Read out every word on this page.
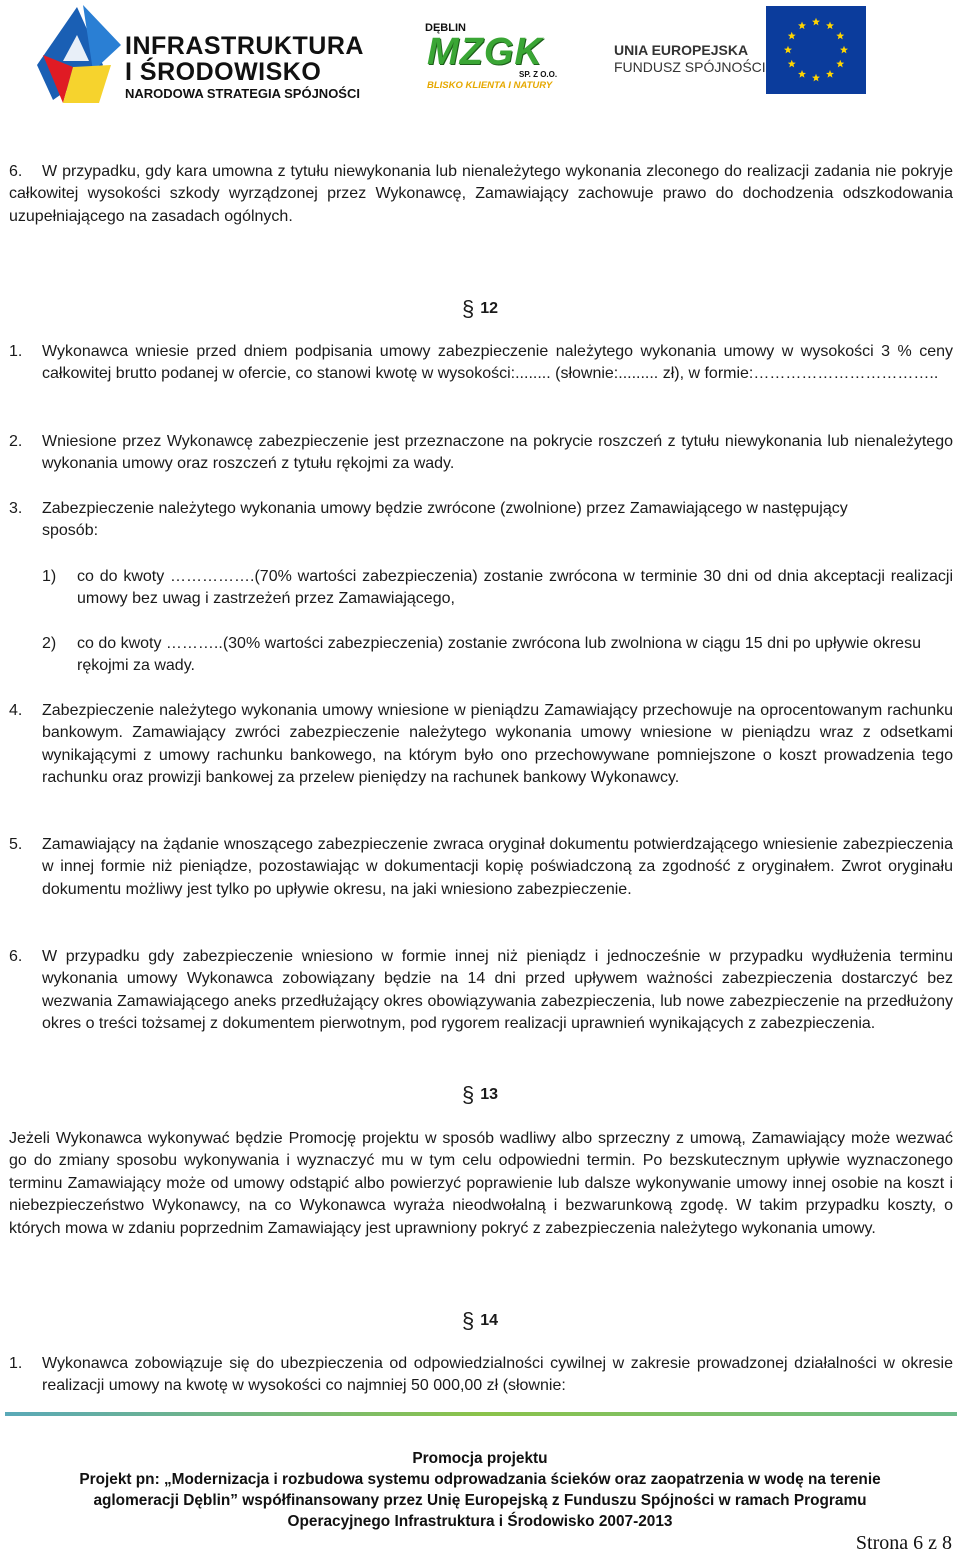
INFRASTRUKTURA
I ŚRODOWISKO
NARODOWA STRATEGIA SPÓJNOŚCI
DĘBLIN
MZGK
SP. Z O.O.
BLISKO KLIENTA I NATURY
UNIA EUROPEJSKA
FUNDUSZ SPÓJNOŚCI
6.	W przypadku, gdy kara umowna z tytułu niewykonania lub nienależytego wykonania zleconego do realizacji zadania nie pokryje całkowitej wysokości szkody wyrządzonej przez Wykonawcę, Zamawiający zachowuje prawo do dochodzenia odszkodowania uzupełniającego na zasadach ogólnych.
§ 12
1. Wykonawca wniesie przed dniem podpisania umowy zabezpieczenie należytego wykonania umowy w wysokości 3 % ceny całkowitej brutto podanej w ofercie, co stanowi kwotę w wysokości:........ (słownie:......... zł), w formie:……………………………..
2. Wniesione przez Wykonawcę zabezpieczenie jest przeznaczone na pokrycie roszczeń z tytułu niewykonania lub nienależytego wykonania umowy oraz roszczeń z tytułu rękojmi za wady.
3. Zabezpieczenie należytego wykonania umowy będzie zwrócone (zwolnione) przez Zamawiającego w następujący sposób:
1) co do kwoty …………….(70% wartości zabezpieczenia) zostanie zwrócona w terminie 30 dni od dnia akceptacji realizacji umowy bez uwag i zastrzeżeń przez Zamawiającego,
2) co do kwoty ………..(30% wartości zabezpieczenia) zostanie zwrócona lub zwolniona w ciągu 15 dni po upływie okresu rękojmi za wady.
4. Zabezpieczenie należytego wykonania umowy wniesione w pieniądzu Zamawiający przechowuje na oprocentowanym rachunku bankowym. Zamawiający zwróci zabezpieczenie należytego wykonania umowy wniesione w pieniądzu wraz z odsetkami wynikającymi z umowy rachunku bankowego, na którym było ono przechowywane pomniejszone o koszt prowadzenia tego rachunku oraz prowizji bankowej za przelew pieniędzy na rachunek bankowy Wykonawcy.
5. Zamawiający na żądanie wnoszącego zabezpieczenie zwraca oryginał dokumentu potwierdzającego wniesienie zabezpieczenia w innej formie niż pieniądze, pozostawiając w dokumentacji kopię poświadczoną za zgodność z oryginałem. Zwrot oryginału dokumentu możliwy jest tylko po upływie okresu, na jaki wniesiono zabezpieczenie.
6. W przypadku gdy zabezpieczenie wniesiono w formie innej niż pieniądz i jednocześnie w przypadku wydłużenia terminu wykonania umowy Wykonawca zobowiązany będzie na 14 dni przed upływem ważności zabezpieczenia dostarczyć bez wezwania Zamawiającego aneks przedłużający okres obowiązywania zabezpieczenia, lub nowe zabezpieczenie na przedłużony okres o treści tożsamej z dokumentem pierwotnym, pod rygorem realizacji uprawnień wynikających z zabezpieczenia.
§ 13
Jeżeli Wykonawca wykonywać będzie Promocję projektu w sposób wadliwy albo sprzeczny z umową, Zamawiający może wezwać go do zmiany sposobu wykonywania i wyznaczyć mu w tym celu odpowiedni termin. Po bezskutecznym upływie wyznaczonego terminu Zamawiający może od umowy odstąpić albo powierzyć poprawienie lub dalsze wykonywanie umowy innej osobie na koszt i niebezpieczeństwo Wykonawcy, na co Wykonawca wyraża nieodwołalną i bezwarunkową zgodę. W takim przypadku koszty, o których mowa w zdaniu poprzednim Zamawiający jest uprawniony pokryć z zabezpieczenia należytego wykonania umowy.
§ 14
1. Wykonawca zobowiązuje się do ubezpieczenia od odpowiedzialności cywilnej w zakresie prowadzonej działalności w okresie realizacji umowy na kwotę w wysokości co najmniej 50 000,00 zł (słownie:
Promocja projektu
Projekt pn: „Modernizacja i rozbudowa systemu odprowadzania ścieków oraz zaopatrzenia w wodę na terenie
aglomeracji Dęblin” współfinansowany przez Unię Europejską z Funduszu Spójności w ramach Programu
Operacyjnego Infrastruktura i Środowisko 2007-2013
Strona 6 z 8
